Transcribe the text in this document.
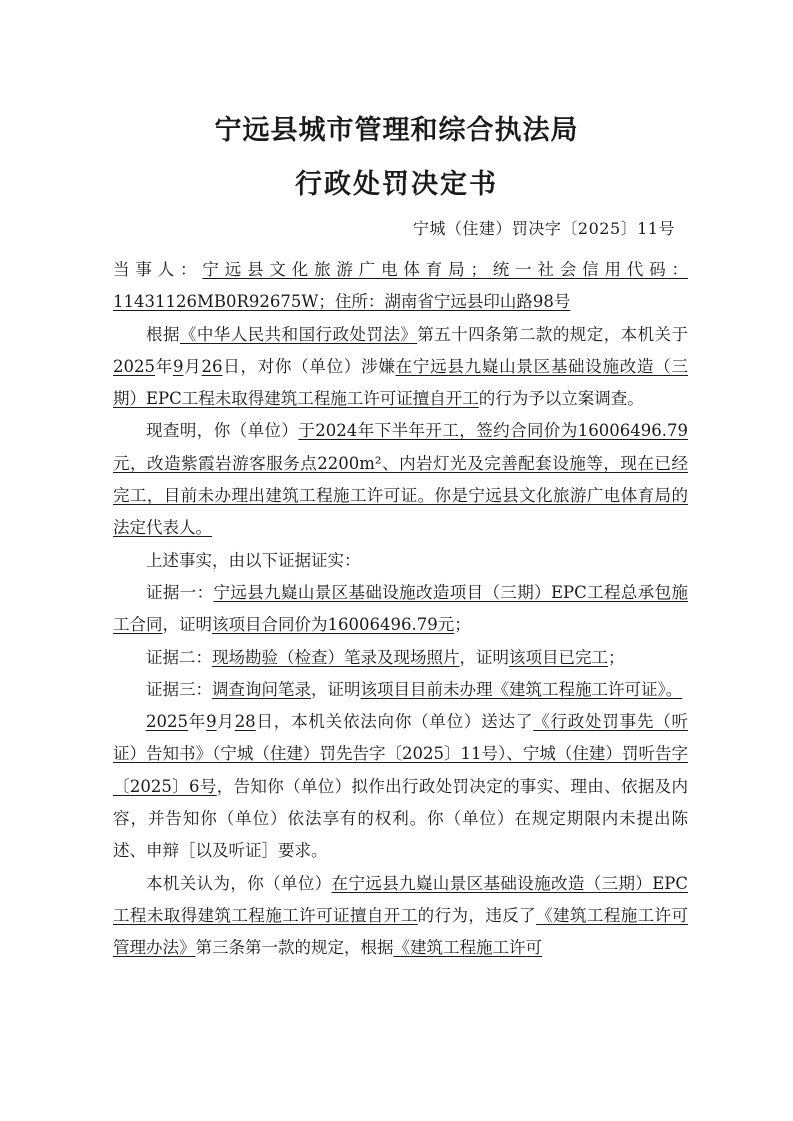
宁远县城市管理和综合执法局
行政处罚决定书
宁城（住建）罚决字〔2025〕11号

当事人：宁远县文化旅游广电体育局；统一社会信用代码：11431126MB0R92675W；住所：湖南省宁远县印山路98号

根据《中华人民共和国行政处罚法》第五十四条第二款的规定，本机关于2025年9月26日，对你（单位）涉嫌在宁远县九嶷山景区基础设施改造（三期）EPC工程未取得建筑工程施工许可证擅自开工的行为予以立案调查。

现查明，你（单位）于2024年下半年开工，签约合同价为16006496.79元，改造紫霞岩游客服务点2200m²、内岩灯光及完善配套设施等，现在已经完工，目前未办理出建筑工程施工许可证。你是宁远县文化旅游广电体育局的法定代表人。

上述事实，由以下证据证实：

证据一：宁远县九嶷山景区基础设施改造项目（三期）EPC工程总承包施工合同，证明该项目合同价为16006496.79元；

证据二：现场勘验（检查）笔录及现场照片，证明该项目已完工；

证据三：调查询问笔录，证明该项目目前未办理《建筑工程施工许可证》。

2025年9月28日，本机关依法向你（单位）送达了《行政处罚事先（听证）告知书》（宁城（住建）罚先告字〔2025〕11号）、宁城（住建）罚听告字〔2025〕6号，告知你（单位）拟作出行政处罚决定的事实、理由、依据及内容，并告知你（单位）依法享有的权利。你（单位）在规定期限内未提出陈述、申辩［以及听证］要求。

本机关认为，你（单位）在宁远县九嶷山景区基础设施改造（三期）EPC工程未取得建筑工程施工许可证擅自开工的行为，违反了《建筑工程施工许可管理办法》第三条第一款的规定，根据《建筑工程施工许可
